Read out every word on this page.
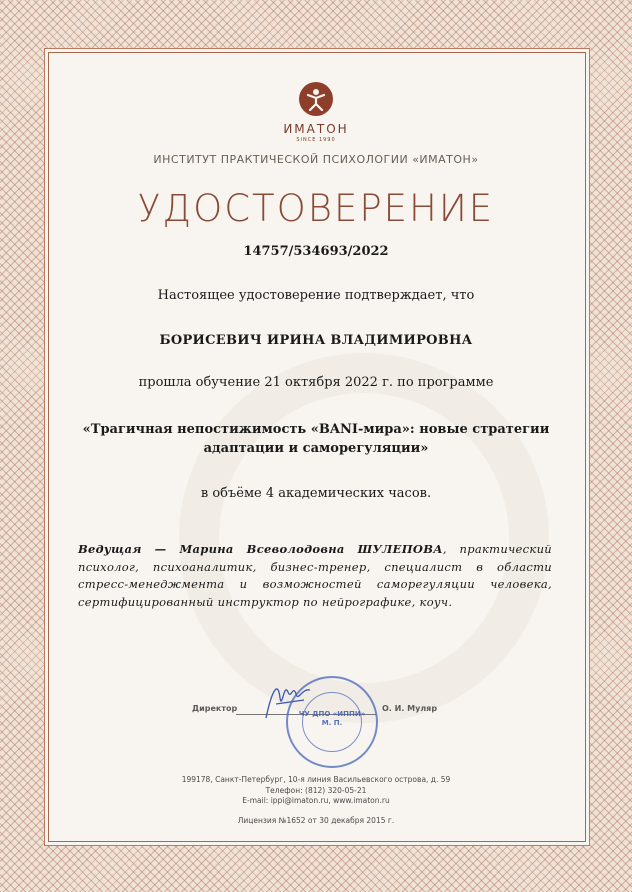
ИМАТОН
SINCE 1990
ИНСТИТУТ ПРАКТИЧЕСКОЙ ПСИХОЛОГИИ «ИМАТОН»
УДОСТОВЕРЕНИЕ
14757/534693/2022
Настоящее удостоверение подтверждает, что
БОРИСЕВИЧ ИРИНА ВЛАДИМИРОВНА
прошла обучение 21 октября 2022 г. по программе
«Трагичная непостижимость «BANI-мира»: новые стратегии адаптации и саморегуляции»
в объёме 4 академических часов.
Ведущая — Марина Всеволодовна ШУЛЕПОВА, практический психолог, психоаналитик, бизнес-тренер, специалист в области стресс-менеджмента и возможностей саморегуляции человека, сертифицированный инструктор по нейрографике, коуч.
Директор
ЧУ ДПО «ИППИ»
М. П.
О. И. Муляр
199178, Санкт-Петербург, 10-я линия Васильевского острова, д. 59
Телефон: (812) 320-05-21
E-mail: ippi@imaton.ru, www.imaton.ru
Лицензия №1652 от 30 декабря 2015 г.
